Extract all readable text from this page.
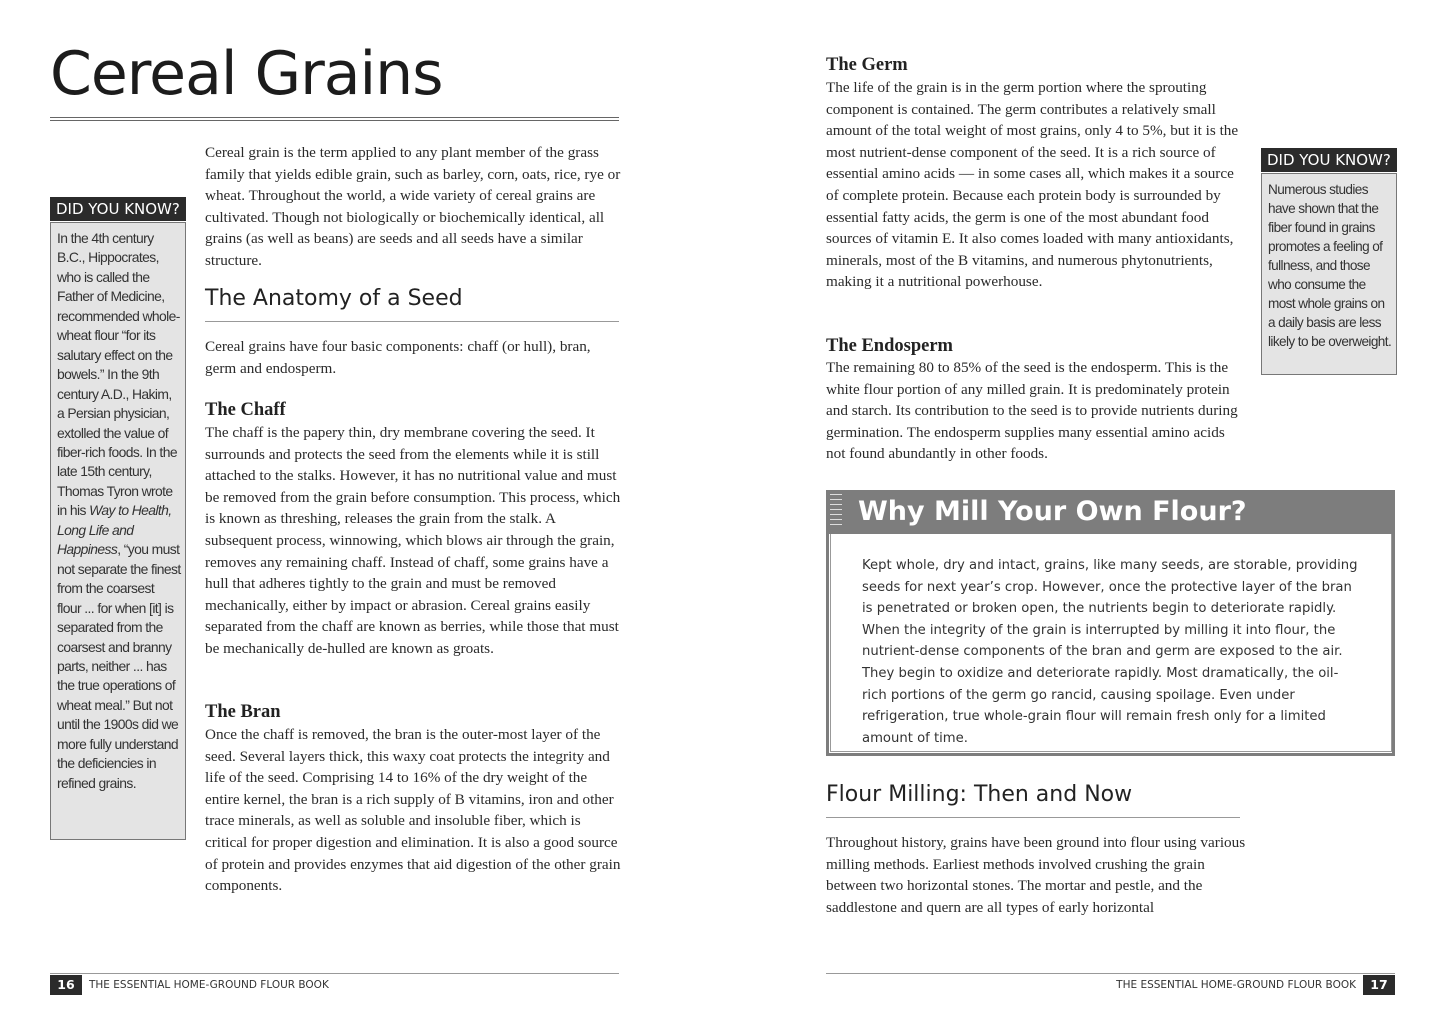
Cereal Grains

Cereal grain is the term applied to any plant member of the grass family that yields edible grain, such as barley, corn, oats, rice, rye or wheat. Throughout the world, a wide variety of cereal grains are cultivated. Though not biologically or biochemically identical, all grains (as well as beans) are seeds and all seeds have a similar structure.

The Anatomy of a Seed

Cereal grains have four basic components: chaff (or hull), bran, germ and endosperm.

The Chaff

The chaff is the papery thin, dry membrane covering the seed. It surrounds and protects the seed from the elements while it is still attached to the stalks. However, it has no nutritional value and must be removed from the grain before consumption. This process, which is known as threshing, releases the grain from the stalk. A subsequent process, winnowing, which blows air through the grain, removes any remaining chaff. Instead of chaff, some grains have a hull that adheres tightly to the grain and must be removed mechanically, either by impact or abrasion. Cereal grains easily separated from the chaff are known as berries, while those that must be mechanically de-hulled are known as groats.

The Bran

Once the chaff is removed, the bran is the outer-most layer of the seed. Several layers thick, this waxy coat protects the integrity and life of the seed. Comprising 14 to 16% of the dry weight of the entire kernel, the bran is a rich supply of B vitamins, iron and other trace minerals, as well as soluble and insoluble fiber, which is critical for proper digestion and elimination. It is also a good source of protein and provides enzymes that aid digestion of the other grain components.

DID YOU KNOW?
In the 4th century B.C., Hippocrates, who is called the Father of Medicine, recommended whole-wheat flour “for its salutary effect on the bowels.” In the 9th century A.D., Hakim, a Persian physician, extolled the value of fiber-rich foods. In the late 15th century, Thomas Tyron wrote in his Way to Health, Long Life and Happiness, “you must not separate the finest from the coarsest flour ... for when [it] is separated from the coarsest and branny parts, neither ... has the true operations of wheat meal.” But not until the 1900s did we more fully understand the deficiencies in refined grains.
16	THE ESSENTIAL HOME-GROUND FLOUR BOOK
The Germ

The life of the grain is in the germ portion where the sprouting component is contained. The germ contributes a relatively small amount of the total weight of most grains, only 4 to 5%, but it is the most nutrient-dense component of the seed. It is a rich source of essential amino acids — in some cases all, which makes it a source of complete protein. Because each protein body is surrounded by essential fatty acids, the germ is one of the most abundant food sources of vitamin E. It also comes loaded with many antioxidants, minerals, most of the B vitamins, and numerous phytonutrients, making it a nutritional powerhouse.

The Endosperm

The remaining 80 to 85% of the seed is the endosperm. This is the white flour portion of any milled grain. It is predominately protein and starch. Its contribution to the seed is to provide nutrients during germination. The endosperm supplies many essential amino acids not found abundantly in other foods.

DID YOU KNOW?
Numerous studies have shown that the fiber found in grains promotes a feeling of fullness, and those who consume the most whole grains on a daily basis are less likely to be overweight.
Why Mill Your Own Flour?
Kept whole, dry and intact, grains, like many seeds, are storable, providing seeds for next year’s crop. However, once the protective layer of the bran is penetrated or broken open, the nutrients begin to deteriorate rapidly. When the integrity of the grain is interrupted by milling it into flour, the nutrient-dense components of the bran and germ are exposed to the air. They begin to oxidize and deteriorate rapidly. Most dramatically, the oil-rich portions of the germ go rancid, causing spoilage. Even under refrigeration, true whole-grain flour will remain fresh only for a limited amount of time.
Flour Milling: Then and Now

Throughout history, grains have been ground into flour using various milling methods. Earliest methods involved crushing the grain between two horizontal stones. The mortar and pestle, and the saddlestone and quern are all types of early horizontal

THE ESSENTIAL HOME-GROUND FLOUR BOOK	17
